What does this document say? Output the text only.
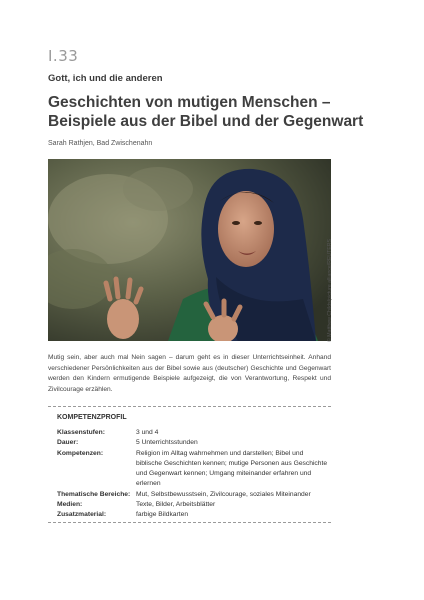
I.33
Gott, ich und die anderen
Geschichten von mutigen Menschen –
Beispiele aus der Bibel und der Gegenwart
Sarah Rathjen, Bad Zwischenahn
© Matthew Childs/picture alliance/REUTERS

Mutig sein, aber auch mal Nein sagen – darum geht es in dieser Unterrichtseinheit. Anhand verschiedener Persönlichkeiten aus der Bibel sowie aus (deutscher) Geschichte und Gegenwart werden den Kindern ermutigende Beispiele aufgezeigt, die von Verantwortung, Respekt und Zivilcourage erzählen.

KOMPETENZPROFIL
Klassenstufen:	3 und 4
Dauer:	5 Unterrichtsstunden
Kompetenzen:	Religion im Alltag wahrnehmen und darstellen; Bibel und biblische Geschichten kennen; mutige Personen aus Geschichte und Gegenwart kennen; Umgang miteinander erfahren und erlernen
Thematische Bereiche:	Mut, Selbstbewusstsein, Zivilcourage, soziales Miteinander
Medien:	Texte, Bilder, Arbeitsblätter
Zusatzmaterial:	farbige Bildkarten
